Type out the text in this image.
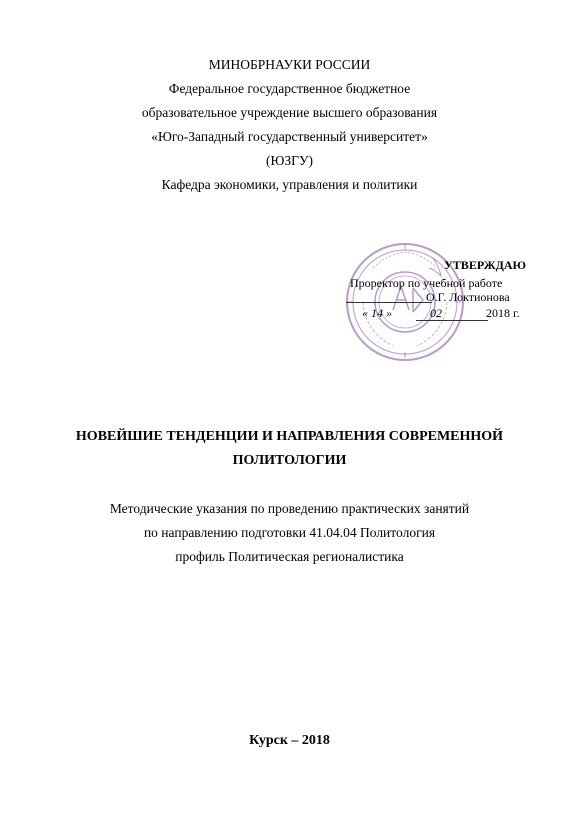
МИНОБРНАУКИ РОССИИ
Федеральное государственное бюджетное
образовательное учреждение высшего образования
«Юго-Западный государственный университет»
(ЮЗГУ)
Кафедра экономики, управления и политики
УТВЕРЖДАЮ
Проректор по учебной работе
О.Г. Локтионова
« 14 »	02	2018 г.
НОВЕЙШИЕ ТЕНДЕНЦИИ И НАПРАВЛЕНИЯ СОВРЕМЕННОЙ
ПОЛИТОЛОГИИ
Методические указания по проведению практических занятий
по направлению подготовки 41.04.04 Политология
профиль Политическая регионалистика
Курск – 2018
